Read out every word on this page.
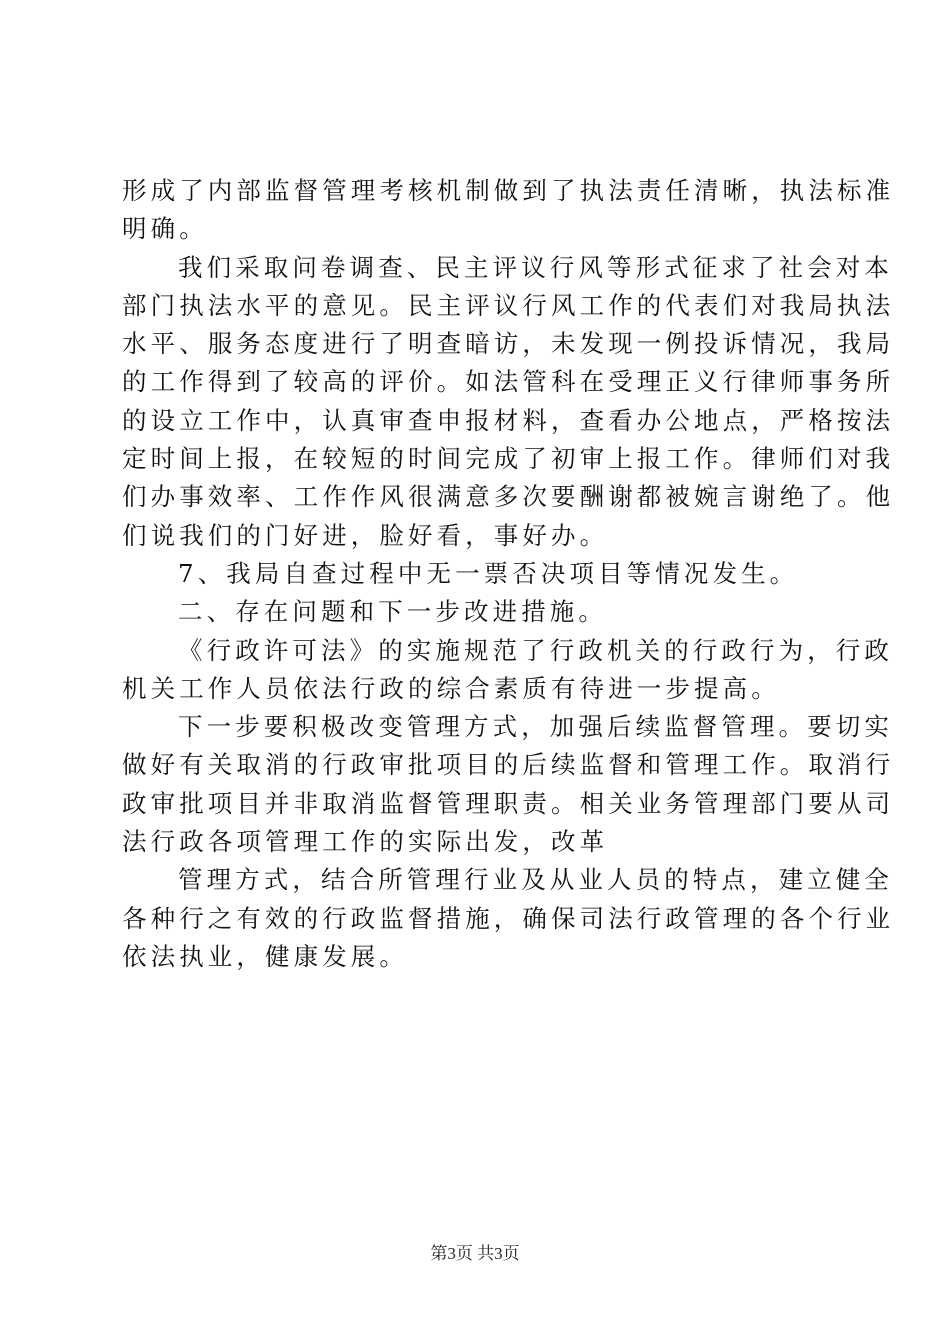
形成了内部监督管理考核机制做到了执法责任清晰，执法标准
明确。
我们采取问卷调查、民主评议行风等形式征求了社会对本
部门执法水平的意见。民主评议行风工作的代表们对我局执法
水平、服务态度进行了明查暗访，未发现一例投诉情况，我局
的工作得到了较高的评价。如法管科在受理正义行律师事务所
的设立工作中，认真审查申报材料，查看办公地点，严格按法
定时间上报，在较短的时间完成了初审上报工作。律师们对我
们办事效率、工作作风很满意多次要酬谢都被婉言谢绝了。他
们说我们的门好进，脸好看，事好办。
7、我局自查过程中无一票否决项目等情况发生。
二、存在问题和下一步改进措施。
《行政许可法》的实施规范了行政机关的行政行为，行政
机关工作人员依法行政的综合素质有待进一步提高。
下一步要积极改变管理方式，加强后续监督管理。要切实
做好有关取消的行政审批项目的后续监督和管理工作。取消行
政审批项目并非取消监督管理职责。相关业务管理部门要从司
法行政各项管理工作的实际出发，改革
管理方式，结合所管理行业及从业人员的特点，建立健全
各种行之有效的行政监督措施，确保司法行政管理的各个行业
依法执业，健康发展。
第3页 共3页
